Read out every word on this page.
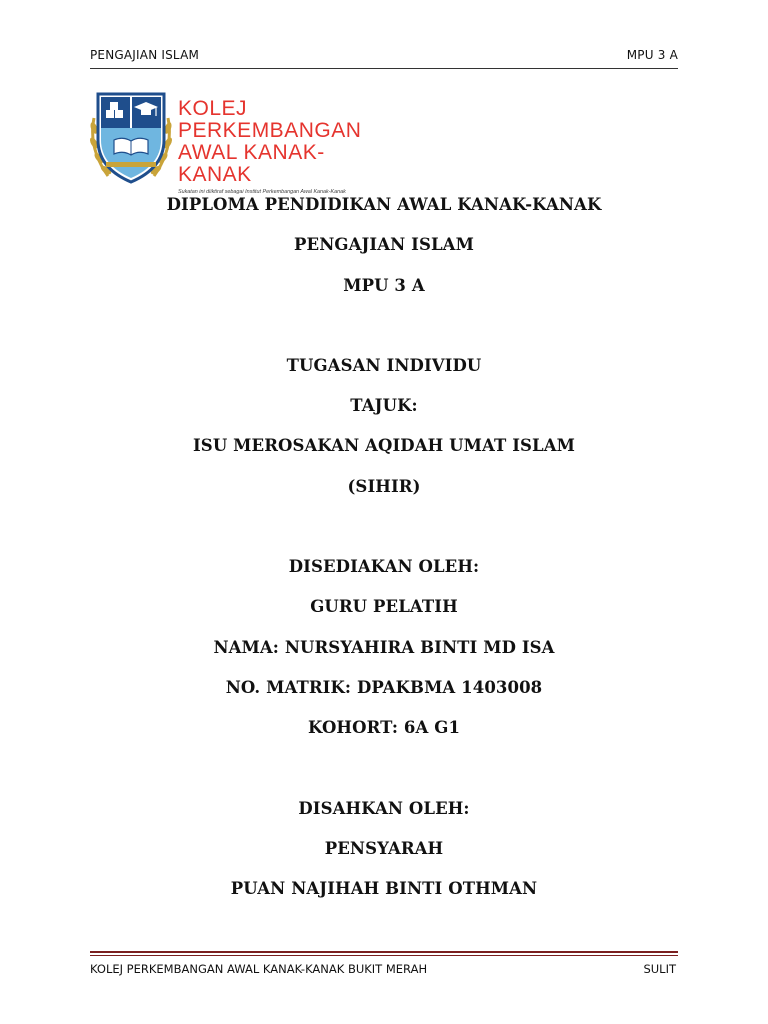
PENGAJIAN ISLAM	MPU 3 A
KOLEJ
PERKEMBANGAN
AWAL KANAK-KANAK
Sukatan ini diiktiraf sebagai Institut Perkembangan Awal Kanak-Kanak
DIPLOMA PENDIDIKAN AWAL KANAK-KANAK
PENGAJIAN ISLAM
MPU 3 A
TUGASAN INDIVIDU
TAJUK:
ISU MEROSAKAN AQIDAH UMAT ISLAM
(SIHIR)
DISEDIAKAN OLEH:
GURU PELATIH
NAMA: NURSYAHIRA BINTI MD ISA
NO. MATRIK: DPAKBMA 1403008
KOHORT: 6A G1
DISAHKAN OLEH:
PENSYARAH
PUAN NAJIHAH BINTI OTHMAN
KOLEJ PERKEMBANGAN AWAL KANAK-KANAK BUKIT MERAH	SULIT
